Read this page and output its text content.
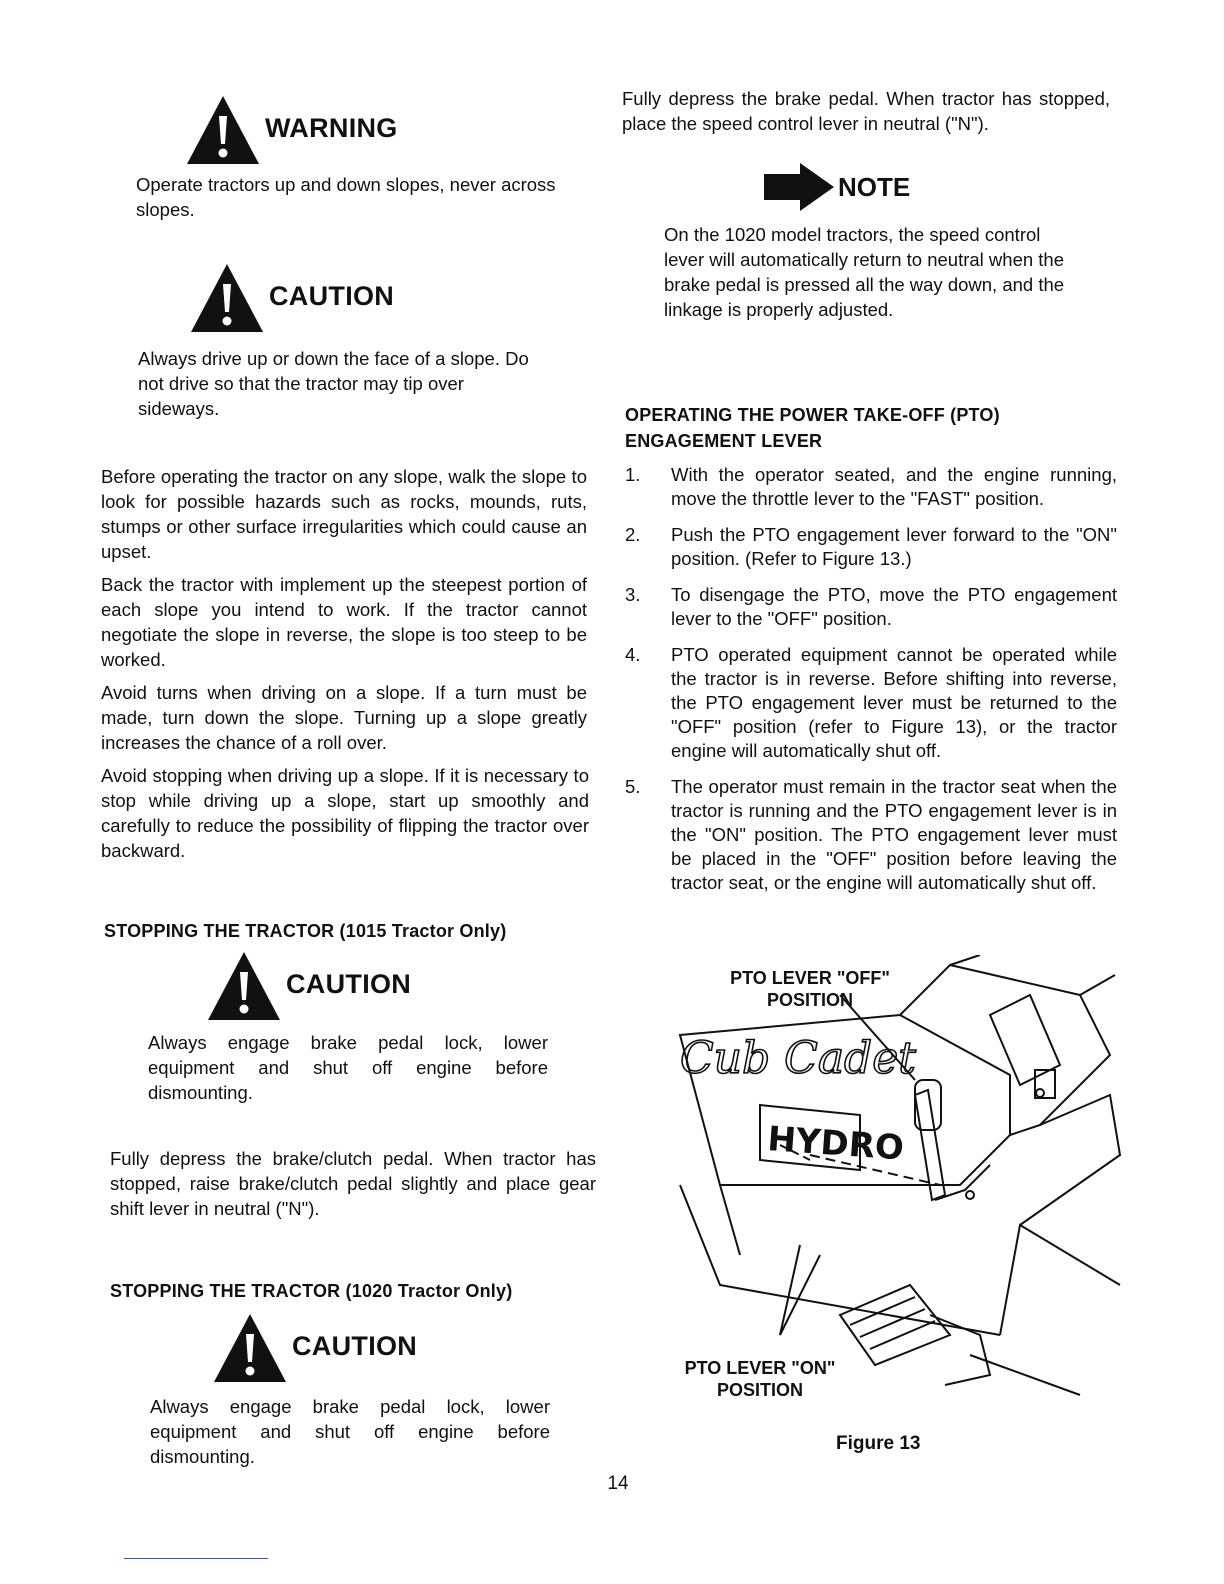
WARNING
Operate tractors up and down slopes, never across slopes.
CAUTION
Always drive up or down the face of a slope. Do not drive so that the tractor may tip over sideways.
Before operating the tractor on any slope, walk the slope to look for possible hazards such as rocks, mounds, ruts, stumps or other surface irregularities which could cause an upset.
Back the tractor with implement up the steepest portion of each slope you intend to work. If the tractor cannot negotiate the slope in reverse, the slope is too steep to be worked.
Avoid turns when driving on a slope. If a turn must be made, turn down the slope. Turning up a slope greatly increases the chance of a roll over.
Avoid stopping when driving up a slope. If it is necessary to stop while driving up a slope, start up smoothly and carefully to reduce the possibility of flipping the tractor over backward.
STOPPING THE TRACTOR (1015 Tractor Only)
CAUTION
Always engage brake pedal lock, lower equipment and shut off engine before dismounting.
Fully depress the brake/clutch pedal. When tractor has stopped, raise brake/clutch pedal slightly and place gear shift lever in neutral ("N").
STOPPING THE TRACTOR (1020 Tractor Only)
CAUTION
Always engage brake pedal lock, lower equipment and shut off engine before dismounting.
Fully depress the brake pedal. When tractor has stopped, place the speed control lever in neutral ("N").
NOTE
On the 1020 model tractors, the speed control lever will automatically return to neutral when the brake pedal is pressed all the way down, and the linkage is properly adjusted.
OPERATING THE POWER TAKE-OFF (PTO)
ENGAGEMENT LEVER
1.	With the operator seated, and the engine running, move the throttle lever to the "FAST" position.
2.	Push the PTO engagement lever forward to the "ON" position. (Refer to Figure 13.)
3.	To disengage the PTO, move the PTO engagement lever to the "OFF" position.
4.	PTO operated equipment cannot be operated while the tractor is in reverse. Before shifting into reverse, the PTO engagement lever must be returned to the "OFF" position (refer to Figure 13), or the tractor engine will automatically shut off.
5.	The operator must remain in the tractor seat when the tractor is running and the PTO engagement lever is in the "ON" position. The PTO engagement lever must be placed in the "OFF" position before leaving the tractor seat, or the engine will automatically shut off.
Cub Cadet
HYDRO
PTO LEVER "OFF"
POSITION
PTO LEVER "ON"
POSITION
Figure 13
14
